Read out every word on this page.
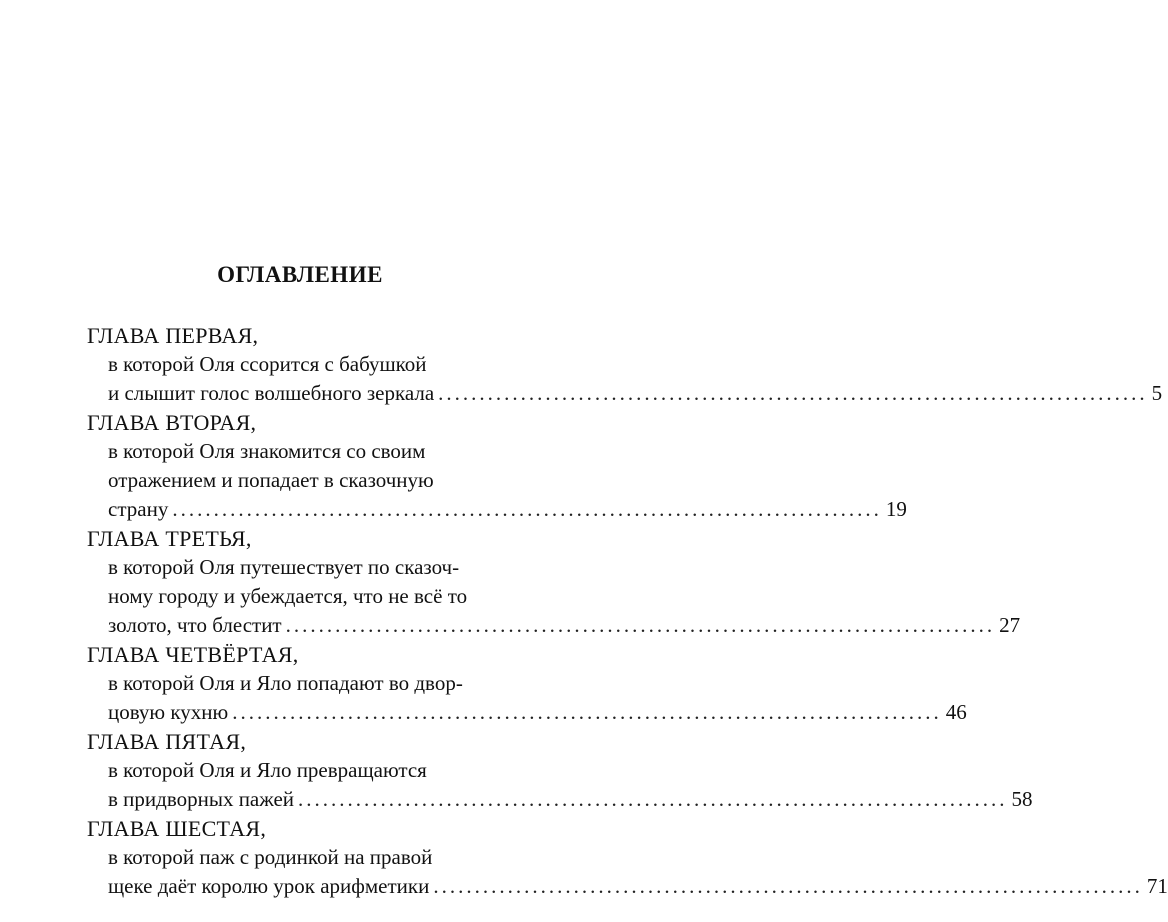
ОГЛАВЛЕНИЕ
ГЛАВА ПЕРВАЯ,
в которой Оля ссорится с бабушкой
и слышит голос волшебного зеркала ...................................................................................... 5
ГЛАВА ВТОРАЯ,
в которой Оля знакомится со своим
отражением и попадает в сказочную
страну ...................................................................................... 19
ГЛАВА ТРЕТЬЯ,
в которой Оля путешествует по сказоч-
ному городу и убеждается, что не всё то
золото, что блестит ...................................................................................... 27
ГЛАВА ЧЕТВЁРТАЯ,
в которой Оля и Яло попадают во двор-
цовую кухню ...................................................................................... 46
ГЛАВА ПЯТАЯ,
в которой Оля и Яло превращаются
в придворных пажей ...................................................................................... 58
ГЛАВА ШЕСТАЯ,
в которой паж с родинкой на правой
щеке даёт королю урок арифметики ...................................................................................... 71
